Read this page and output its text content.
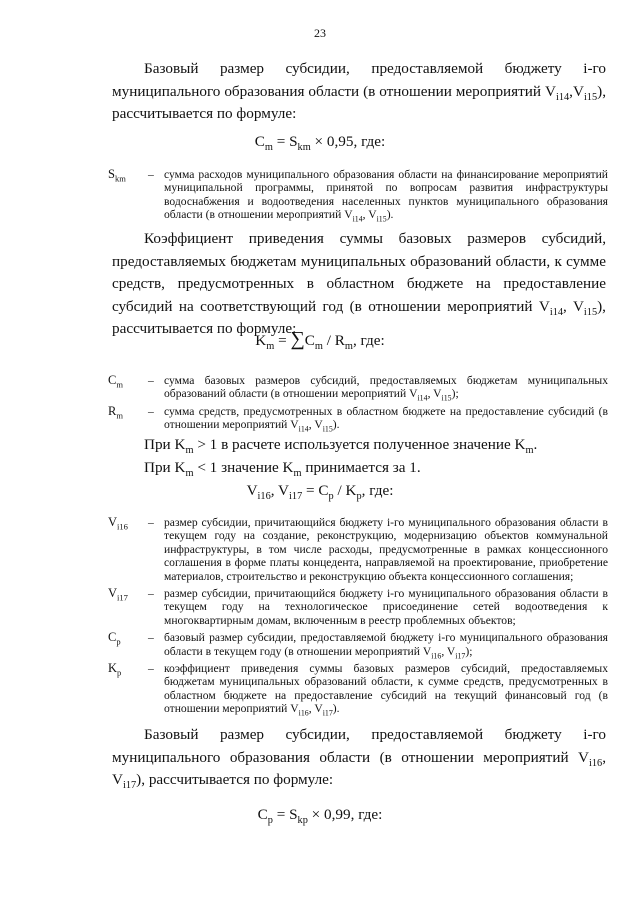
23
Базовый размер субсидии, предоставляемой бюджету i-го муниципального образования области (в отношении мероприятий $V_{i14},V_{i15}$), рассчитывается по формуле:
$C_m = S_{km} \times 0,95$, где:
$S_{km}$	– сумма расходов муниципального образования области на финансирование мероприятий муниципальной программы, принятой по вопросам развития инфраструктуры водоснабжения и водоотведения населенных пунктов муниципального образования области (в отношении мероприятий $V_{i14}$, $V_{i15}$).
Коэффициент приведения суммы базовых размеров субсидий, предоставляемых бюджетам муниципальных образований области, к сумме средств, предусмотренных в областном бюджете на предоставление субсидий на соответствующий год (в отношении мероприятий $V_{i14}$, $V_{i15}$), рассчитывается по формуле:
$K_m = \sum C_m / R_m$, где:
$C_m$	– сумма базовых размеров субсидий, предоставляемых бюджетам муниципальных образований области (в отношении мероприятий $V_{i14}$, $V_{i15}$);
$R_m$	– сумма средств, предусмотренных в областном бюджете на предоставление субсидий (в отношении мероприятий $V_{i14}$, $V_{i15}$).
При $K_m > 1$ в расчете используется полученное значение $K_m$.
При $K_m < 1$ значение $K_m$ принимается за 1.
$V_{i16}$, $V_{i17} = C_p / K_p$, где:
$V_{i16}$	– размер субсидии, причитающийся бюджету i-го муниципального образования области в текущем году на создание, реконструкцию, модернизацию объектов коммунальной инфраструктуры, в том числе расходы, предусмотренные в рамках концессионного соглашения в форме платы концедента, направляемой на проектирование, приобретение материалов, строительство и реконструкцию объекта концессионного соглашения;
$V_{i17}$	– размер субсидии, причитающийся бюджету i-го муниципального образования области в текущем году на технологическое присоединение сетей водоотведения к многоквартирным домам, включенным в реестр проблемных объектов;
$C_p$	– базовый размер субсидии, предоставляемой бюджету i-го муниципального образования области в текущем году (в отношении мероприятий $V_{i16}$, $V_{i17}$);
$K_p$	– коэффициент приведения суммы базовых размеров субсидий, предоставляемых бюджетам муниципальных образований области, к сумме средств, предусмотренных в областном бюджете на предоставление субсидий на текущий финансовый год (в отношении мероприятий $V_{i16}$, $V_{i17}$).
Базовый размер субсидии, предоставляемой бюджету i-го муниципального образования области (в отношении мероприятий $V_{i16}$, $V_{i17}$), рассчитывается по формуле:
$C_p = S_{kp} \times 0,99$, где:
